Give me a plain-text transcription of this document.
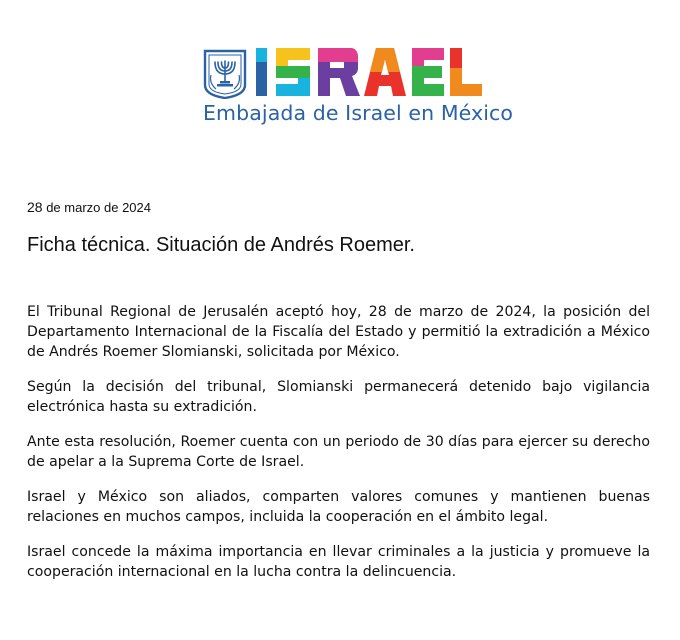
Embajada de Israel en México
28 de marzo de 2024
Ficha técnica. Situación de Andrés Roemer.

El Tribunal Regional de Jerusalén aceptó hoy, 28 de marzo de 2024, la posición del Departamento Internacional de la Fiscalía del Estado y permitió la extradición a México de Andrés Roemer Slomianski, solicitada por México.

Según la decisión del tribunal, Slomianski permanecerá detenido bajo vigilancia electrónica hasta su extradición.

Ante esta resolución, Roemer cuenta con un periodo de 30 días para ejercer su derecho de apelar a la Suprema Corte de Israel.

Israel y México son aliados, comparten valores comunes y mantienen buenas relaciones en muchos campos, incluida la cooperación en el ámbito legal.

Israel concede la máxima importancia en llevar criminales a la justicia y promueve la cooperación internacional en la lucha contra la delincuencia.
